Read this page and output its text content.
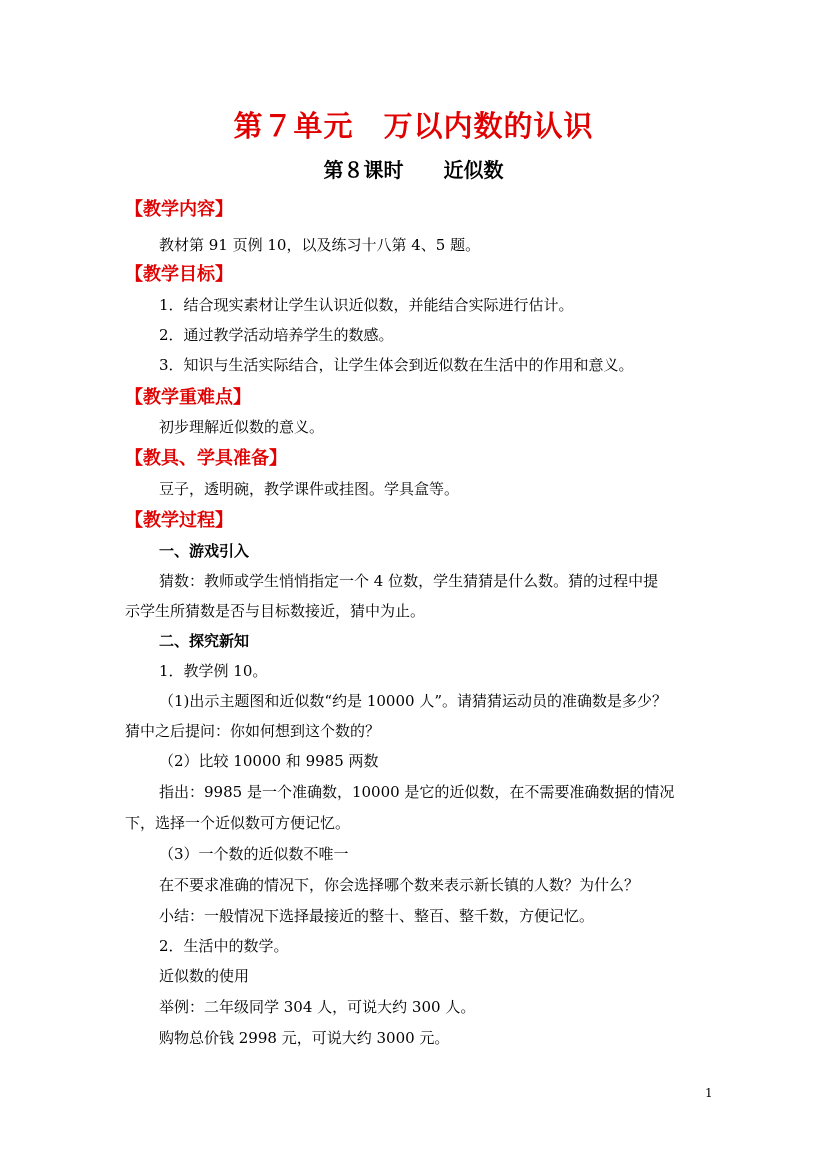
第７单元　万以内数的认识
第８课时　　近似数
【教学内容】
教材第 91 页例 10，以及练习十八第 4、5 题。
【教学目标】
1．结合现实素材让学生认识近似数，并能结合实际进行估计。
2．通过教学活动培养学生的数感。
3．知识与生活实际结合，让学生体会到近似数在生活中的作用和意义。
【教学重难点】
初步理解近似数的意义。
【教具、学具准备】
豆子，透明碗，教学课件或挂图。学具盒等。
【教学过程】
一、游戏引入
猜数：教师或学生悄悄指定一个 4 位数，学生猜猜是什么数。猜的过程中提
示学生所猜数是否与目标数接近，猜中为止。
二、探究新知
1．教学例 10。
（1)出示主题图和近似数“约是 10000 人”。请猜猜运动员的准确数是多少？
猜中之后提问：你如何想到这个数的？
（2）比较 10000 和 9985 两数
指出：9985 是一个准确数，10000 是它的近似数，在不需要准确数据的情况
下，选择一个近似数可方便记忆。
（3）一个数的近似数不唯一
在不要求准确的情况下，你会选择哪个数来表示新长镇的人数？为什么？
小结：一般情况下选择最接近的整十、整百、整千数，方便记忆。
2．生活中的数学。
近似数的使用
举例：二年级同学 304 人，可说大约 300 人。
购物总价钱 2998 元，可说大约 3000 元。
1
